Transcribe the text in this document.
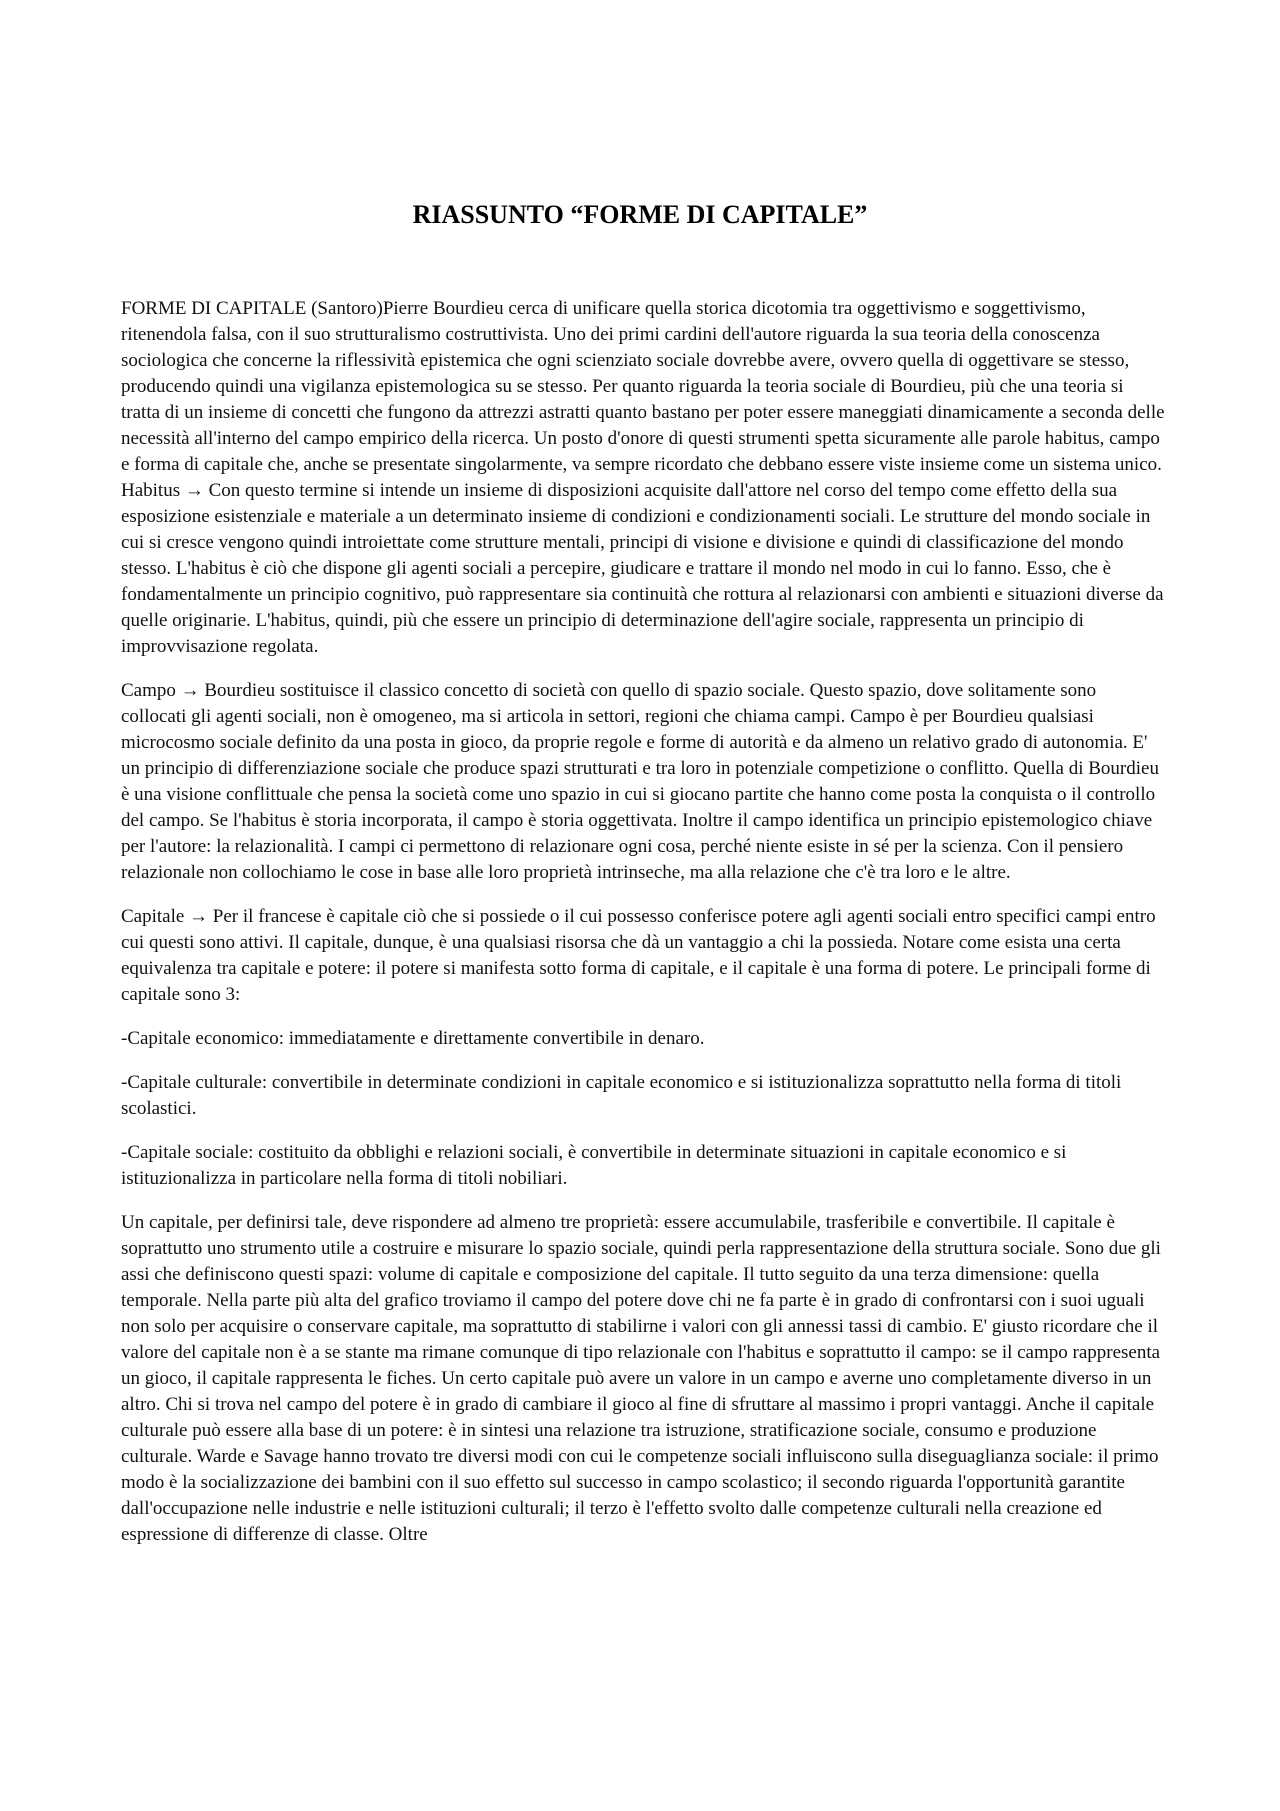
RIASSUNTO “FORME DI CAPITALE”

FORME DI CAPITALE (Santoro)Pierre Bourdieu cerca di unificare quella storica dicotomia tra oggettivismo e soggettivismo, ritenendola falsa, con il suo strutturalismo costruttivista. Uno dei primi cardini dell'autore riguarda la sua teoria della conoscenza sociologica che concerne la riflessività epistemica che ogni scienziato sociale dovrebbe avere, ovvero quella di oggettivare se stesso, producendo quindi una vigilanza epistemologica su se stesso. Per quanto riguarda la teoria sociale di Bourdieu, più che una teoria si tratta di un insieme di concetti che fungono da attrezzi astratti quanto bastano per poter essere maneggiati dinamicamente a seconda delle necessità all'interno del campo empirico della ricerca. Un posto d'onore di questi strumenti spetta sicuramente alle parole habitus, campo e forma di capitale che, anche se presentate singolarmente, va sempre ricordato che debbano essere viste insieme come un sistema unico. Habitus → Con questo termine si intende un insieme di disposizioni acquisite dall'attore nel corso del tempo come effetto della sua esposizione esistenziale e materiale a un determinato insieme di condizioni e condizionamenti sociali. Le strutture del mondo sociale in cui si cresce vengono quindi introiettate come strutture mentali, principi di visione e divisione e quindi di classificazione del mondo stesso. L'habitus è ciò che dispone gli agenti sociali a percepire, giudicare e trattare il mondo nel modo in cui lo fanno. Esso, che è fondamentalmente un principio cognitivo, può rappresentare sia continuità che rottura al relazionarsi con ambienti e situazioni diverse da quelle originarie. L'habitus, quindi, più che essere un principio di determinazione dell'agire sociale, rappresenta un principio di improvvisazione regolata.

Campo → Bourdieu sostituisce il classico concetto di società con quello di spazio sociale. Questo spazio, dove solitamente sono collocati gli agenti sociali, non è omogeneo, ma si articola in settori, regioni che chiama campi. Campo è per Bourdieu qualsiasi microcosmo sociale definito da una posta in gioco, da proprie regole e forme di autorità e da almeno un relativo grado di autonomia. E' un principio di differenziazione sociale che produce spazi strutturati e tra loro in potenziale competizione o conflitto. Quella di Bourdieu è una visione conflittuale che pensa la società come uno spazio in cui si giocano partite che hanno come posta la conquista o il controllo del campo. Se l'habitus è storia incorporata, il campo è storia oggettivata. Inoltre il campo identifica un principio epistemologico chiave per l'autore: la relazionalità. I campi ci permettono di relazionare ogni cosa, perché niente esiste in sé per la scienza. Con il pensiero relazionale non collochiamo le cose in base alle loro proprietà intrinseche, ma alla relazione che c'è tra loro e le altre.

Capitale → Per il francese è capitale ciò che si possiede o il cui possesso conferisce potere agli agenti sociali entro specifici campi entro cui questi sono attivi. Il capitale, dunque, è una qualsiasi risorsa che dà un vantaggio a chi la possieda. Notare come esista una certa equivalenza tra capitale e potere: il potere si manifesta sotto forma di capitale, e il capitale è una forma di potere. Le principali forme di capitale sono 3:

-Capitale economico: immediatamente e direttamente convertibile in denaro.

-Capitale culturale: convertibile in determinate condizioni in capitale economico e si istituzionalizza soprattutto nella forma di titoli scolastici.

-Capitale sociale: costituito da obblighi e relazioni sociali, è convertibile in determinate situazioni in capitale economico e si istituzionalizza in particolare nella forma di titoli nobiliari.

Un capitale, per definirsi tale, deve rispondere ad almeno tre proprietà: essere accumulabile, trasferibile e convertibile. Il capitale è soprattutto uno strumento utile a costruire e misurare lo spazio sociale, quindi perla rappresentazione della struttura sociale. Sono due gli assi che definiscono questi spazi: volume di capitale e composizione del capitale. Il tutto seguito da una terza dimensione: quella temporale. Nella parte più alta del grafico troviamo il campo del potere dove chi ne fa parte è in grado di confrontarsi con i suoi uguali non solo per acquisire o conservare capitale, ma soprattutto di stabilirne i valori con gli annessi tassi di cambio. E' giusto ricordare che il valore del capitale non è a se stante ma rimane comunque di tipo relazionale con l'habitus e soprattutto il campo: se il campo rappresenta un gioco, il capitale rappresenta le fiches. Un certo capitale può avere un valore in un campo e averne uno completamente diverso in un altro. Chi si trova nel campo del potere è in grado di cambiare il gioco al fine di sfruttare al massimo i propri vantaggi. Anche il capitale culturale può essere alla base di un potere: è in sintesi una relazione tra istruzione, stratificazione sociale, consumo e produzione culturale. Warde e Savage hanno trovato tre diversi modi con cui le competenze sociali influiscono sulla diseguaglianza sociale: il primo modo è la socializzazione dei bambini con il suo effetto sul successo in campo scolastico; il secondo riguarda l'opportunità garantite dall'occupazione nelle industrie e nelle istituzioni culturali; il terzo è l'effetto svolto dalle competenze culturali nella creazione ed espressione di differenze di classe. Oltre
